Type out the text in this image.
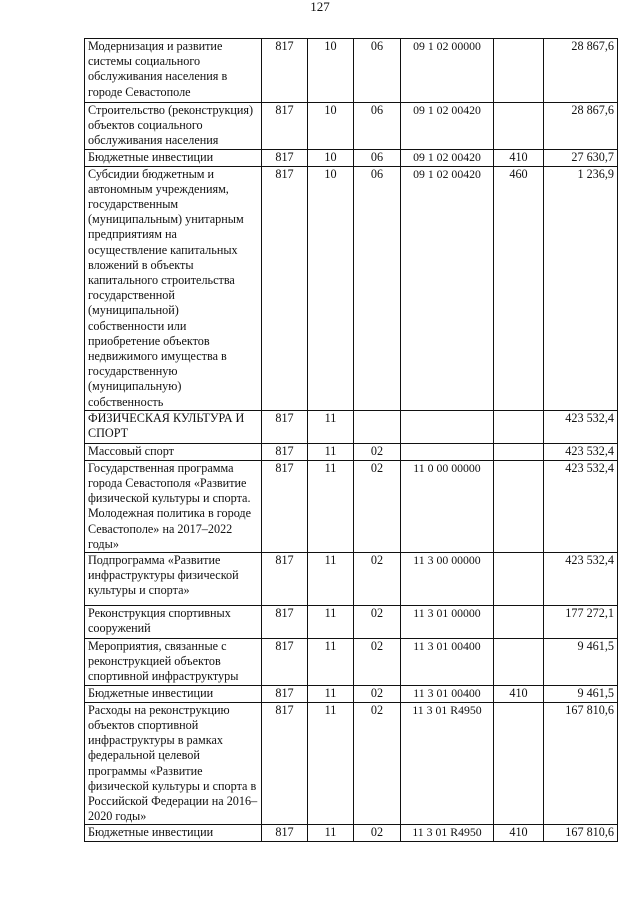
127
Модернизация и развитие системы социального обслуживания населения в городе Севастополе	817	10	06	09 1 02 00000		28 867,6
Строительство (реконструкция) объектов социального обслуживания населения	817	10	06	09 1 02 00420		28 867,6
Бюджетные инвестиции	817	10	06	09 1 02 00420	410	27 630,7
Субсидии бюджетным и автономным учреждениям, государственным (муниципальным) унитарным предприятиям на осуществление капитальных вложений в объекты капитального строительства государственной (муниципальной) собственности или приобретение объектов недвижимого имущества в государственную (муниципальную) собственность	817	10	06	09 1 02 00420	460	1 236,9
ФИЗИЧЕСКАЯ КУЛЬТУРА И СПОРТ	817	11				423 532,4
Массовый спорт	817	11	02			423 532,4
Государственная программа города Севастополя «Развитие физической культуры и спорта. Молодежная политика в городе Севастополе» на 2017–2022 годы»	817	11	02	11 0 00 00000		423 532,4
Подпрограмма «Развитие инфраструктуры физической культуры и спорта»	817	11	02	11 3 00 00000		423 532,4
Реконструкция спортивных сооружений	817	11	02	11 3 01 00000		177 272,1
Мероприятия, связанные с реконструкцией объектов спортивной инфраструктуры	817	11	02	11 3 01 00400		9 461,5
Бюджетные инвестиции	817	11	02	11 3 01 00400	410	9 461,5
Расходы на реконструкцию объектов спортивной инфраструктуры в рамках федеральной целевой программы «Развитие физической культуры и спорта в Российской Федерации на 2016–2020 годы»	817	11	02	11 3 01 R4950		167 810,6
Бюджетные инвестиции	817	11	02	11 3 01 R4950	410	167 810,6
